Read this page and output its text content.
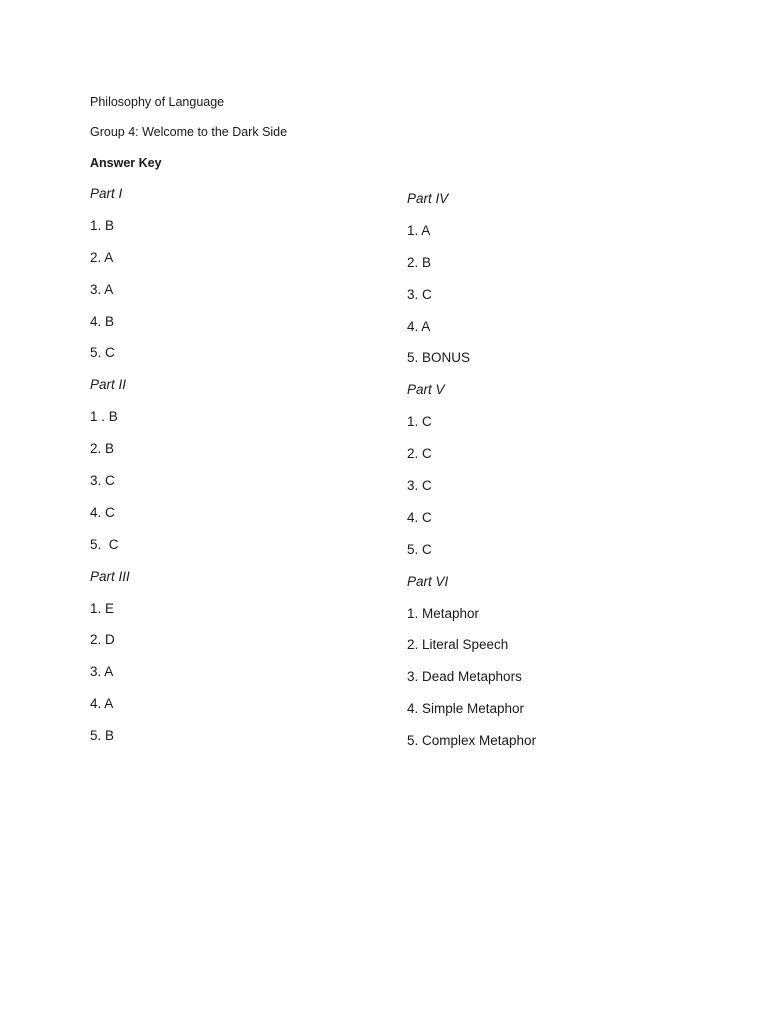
Philosophy of Language
Group 4: Welcome to the Dark Side
Answer Key
Part I
1. B
2. A
3. A
4. B
5. C
Part II
1 . B
2. B
3. C
4. C
5.  C
Part III
1. E
2. D
3. A
4. A
5. B
Part IV
1. A
2. B
3. C
4. A
5. BONUS
Part V
1. C
2. C
3. C
4. C
5. C
Part VI
1. Metaphor
2. Literal Speech
3. Dead Metaphors
4. Simple Metaphor
5. Complex Metaphor
